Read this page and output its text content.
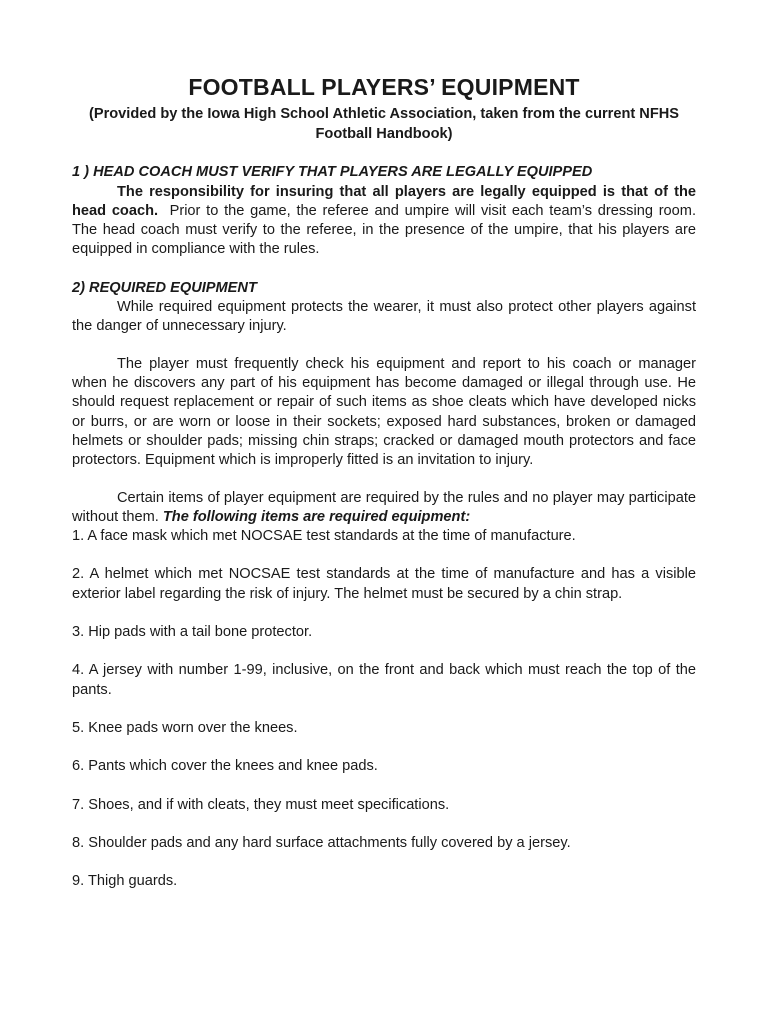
FOOTBALL PLAYERS’ EQUIPMENT

(Provided by the Iowa High School Athletic Association, taken from the current NFHS Football Handbook)

1 ) HEAD COACH MUST VERIFY THAT PLAYERS ARE LEGALLY EQUIPPED

The responsibility for insuring that all players are legally equipped is that of the head coach. Prior to the game, the referee and umpire will visit each team’s dressing room. The head coach must verify to the referee, in the presence of the umpire, that his players are equipped in compliance with the rules.

2) REQUIRED EQUIPMENT

While required equipment protects the wearer, it must also protect other players against the danger of unnecessary injury.

The player must frequently check his equipment and report to his coach or manager when he discovers any part of his equipment has become damaged or illegal through use. He should request replacement or repair of such items as shoe cleats which have developed nicks or burrs, or are worn or loose in their sockets; exposed hard substances, broken or damaged helmets or shoulder pads; missing chin straps; cracked or damaged mouth protectors and face protectors. Equipment which is improperly fitted is an invitation to injury.

Certain items of player equipment are required by the rules and no player may participate without them. The following items are required equipment:

1. A face mask which met NOCSAE test standards at the time of manufacture.

2. A helmet which met NOCSAE test standards at the time of manufacture and has a visible exterior label regarding the risk of injury. The helmet must be secured by a chin strap.

3. Hip pads with a tail bone protector.

4. A jersey with number 1-99, inclusive, on the front and back which must reach the top of the pants.

5. Knee pads worn over the knees.

6. Pants which cover the knees and knee pads.

7. Shoes, and if with cleats, they must meet specifications.

8. Shoulder pads and any hard surface attachments fully covered by a jersey.

9. Thigh guards.
